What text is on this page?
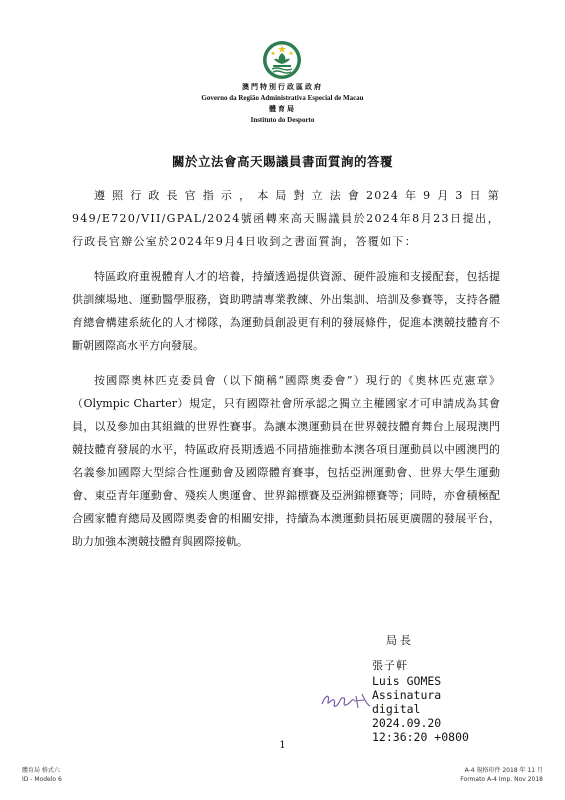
澳門特別行政區政府
Governo da Região Administrativa Especial de Macau
體育局
Instituto do Desporto
關於立法會高天賜議員書面質詢的答覆

遵照行政長官指示，本局對立法會2024年9月3日第949/E720/VII/GPAL/2024號函轉來高天賜議員於2024年8月23日提出，行政長官辦公室於2024年9月4日收到之書面質詢，答覆如下：

特區政府重視體育人才的培養，持續透過提供資源、硬件設施和支援配套，包括提供訓練場地、運動醫學服務，資助聘請專業教練、外出集訓、培訓及參賽等，支持各體育總會構建系統化的人才梯隊，為運動員創設更有利的發展條件，促進本澳競技體育不斷朝國際高水平方向發展。

按國際奧林匹克委員會（以下簡稱“國際奧委會”）現行的《奧林匹克憲章》（Olympic Charter）規定，只有國際社會所承認之獨立主權國家才可申請成為其會員，以及參加由其組織的世界性賽事。為讓本澳運動員在世界競技體育舞台上展現澳門競技體育發展的水平，特區政府長期透過不同措施推動本澳各項目運動員以中國澳門的名義參加國際大型綜合性運動會及國際體育賽事，包括亞洲運動會、世界大學生運動會、東亞青年運動會、殘疾人奧運會、世界錦標賽及亞洲錦標賽等；同時，亦會積極配合國家體育總局及國際奧委會的相關安排，持續為本澳運動員拓展更廣闊的發展平台，助力加強本澳競技體育與國際接軌。

局長
張子軒
Luis GOMES
Assinatura
digital
2024.09.20
12:36:20 +0800
1
體育局 格式六
ID - Modelo 6
A-4 規格印件 2018 年 11 月
Formato A-4 Imp. Nov 2018
